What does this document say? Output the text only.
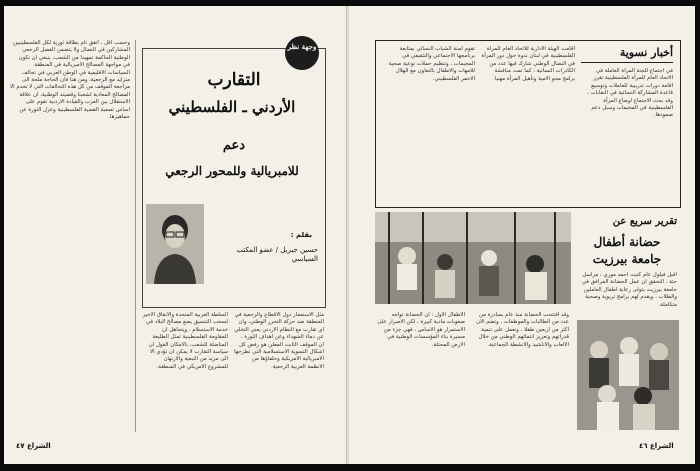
وحسب اقل ، اتفق تام بطاقة ثورية لكل الفلسطينيين المشاركين في النضال ولا يتضمن الفصل الرجعي الوطنية الحاكمة تمهيدا من الشعب، ينبغي ان تكون في مواجهة المصالح الامبريالية في المنطقة. السياسات الاقليمية في الوطن العربي في تحالف متزايد مع الرجعية، ومن هنا فان الحاجة ملحة الى مراجعة الموقف من كل هذه التحالفات التي لا تخدم الا المصالح المعادية لشعبنا وقضيته الوطنية، ان علاقة الاستقلال بين العرب والقيادة الاردنية تقوم على اساس تصفية القضية الفلسطينية وعزل الثورة عن جماهيرها.
وجهة نظر
التقارب
الأردني ـ الفلسطيني
دعم
للامبريالية وللمحور الرجعي
بقلم :
حسين جبريل / عضو المكتب السياسي
السلطة العربية المتحدة والاتفاق الاخير لسحب التنسيق يضع مصالح البلاد في خدمة الاستسلام ، ويتجاهل ان المقاومة الفلسطينية تمثل الطليعة المناضلة للشعب، بالامكان القول ان سياسة التقارب لا يمكن ان تؤدي الا الى مزيد من التبعية والارتهان للمشروع الامريكي في المنطقة.
مثل الاستعمار دول الاقطاع والرجعية في المنطقة ضد حركة التحرر الوطني، وان اي تقارب مع النظام الاردني يعني التخلي عن دماء الشهداء وعن اهداف الثورة ، ان الموقف الثابت المعلن هو رفض كل اشكال التسوية الاستسلامية التي تطرحها الامبريالية الامريكية وحلفاؤها من الانظمة العربية الرجعية.
الشراع ٤٧
أخبار نسوية
في اجتماع للجنة المرأة العاملة في الاتحاد العام للمرأة الفلسطينية تقرر اقامة دورات تدريبية للعاملات وتوسيع قاعدة المشاركة النسائية في النقابات ، وقد بحث الاجتماع اوضاع المرأة الفلسطينية في المخيمات وسبل دعم صمودها.
اقامت الهيئة الادارية للاتحاد العام للمرأة الفلسطينية في لبنان ندوة حول دور المرأة في النضال الوطني شارك فيها عدد من الكادرات النسائية ، كما تمت مناقشة برامج محو الامية وتأهيل المرأة مهنيا.
تقوم لجنة الشباب النسائي بمتابعة برنامجها الاجتماعي والتثقيفي في المخيمات ، وتنظيم حملات توعية صحية للامهات والاطفال بالتعاون مع الهلال الاحمر الفلسطيني.
تقرير سريع عن
حضانة أطفال جامعة بيرزيت
اقيل فيلول عام كتبت احمد موري ، مراسل حتة ، التحقق ان عمل الحضانة المرافق في جامعة بيرزيت يتولى رعاية اطفال العاملين والطلاب ، ويقدم لهم برامج تربوية وصحية متكاملة.
وقد افتتحت الحضانة منذ عام بمبادرة من عدد من الطالبات والموظفات ، وتضم الان اكثر من اربعين طفلا ، وتعمل على تنمية قدراتهم وتعزيز انتمائهم الوطني من خلال الالعاب والاناشيد والانشطة الجماعية.
الاطفال الاول : ان الحضانة تواجه صعوبات مادية كبيرة ، لكن الاصرار على الاستمرار هو الاساس ، فهي جزء من مسيرة بناء المؤسسات الوطنية في الارض المحتلة.
الشراع ٤٦
